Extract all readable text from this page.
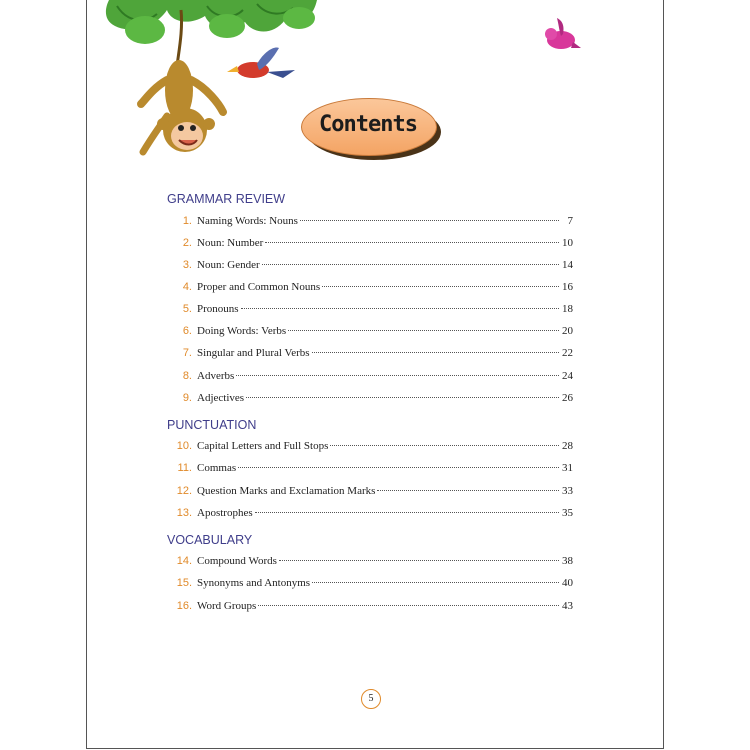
Contents
GRAMMAR REVIEW
1. Naming Words: Nouns	7
2. Noun: Number	10
3. Noun: Gender	14
4. Proper and Common Nouns	16
5. Pronouns	18
6. Doing Words: Verbs	20
7. Singular and Plural Verbs	22
8. Adverbs	24
9. Adjectives	26
PUNCTUATION
10. Capital Letters and Full Stops	28
11. Commas	31
12. Question Marks and Exclamation Marks	33
13. Apostrophes	35
VOCABULARY
14. Compound Words	38
15. Synonyms and Antonyms	40
16. Word Groups	43
5
